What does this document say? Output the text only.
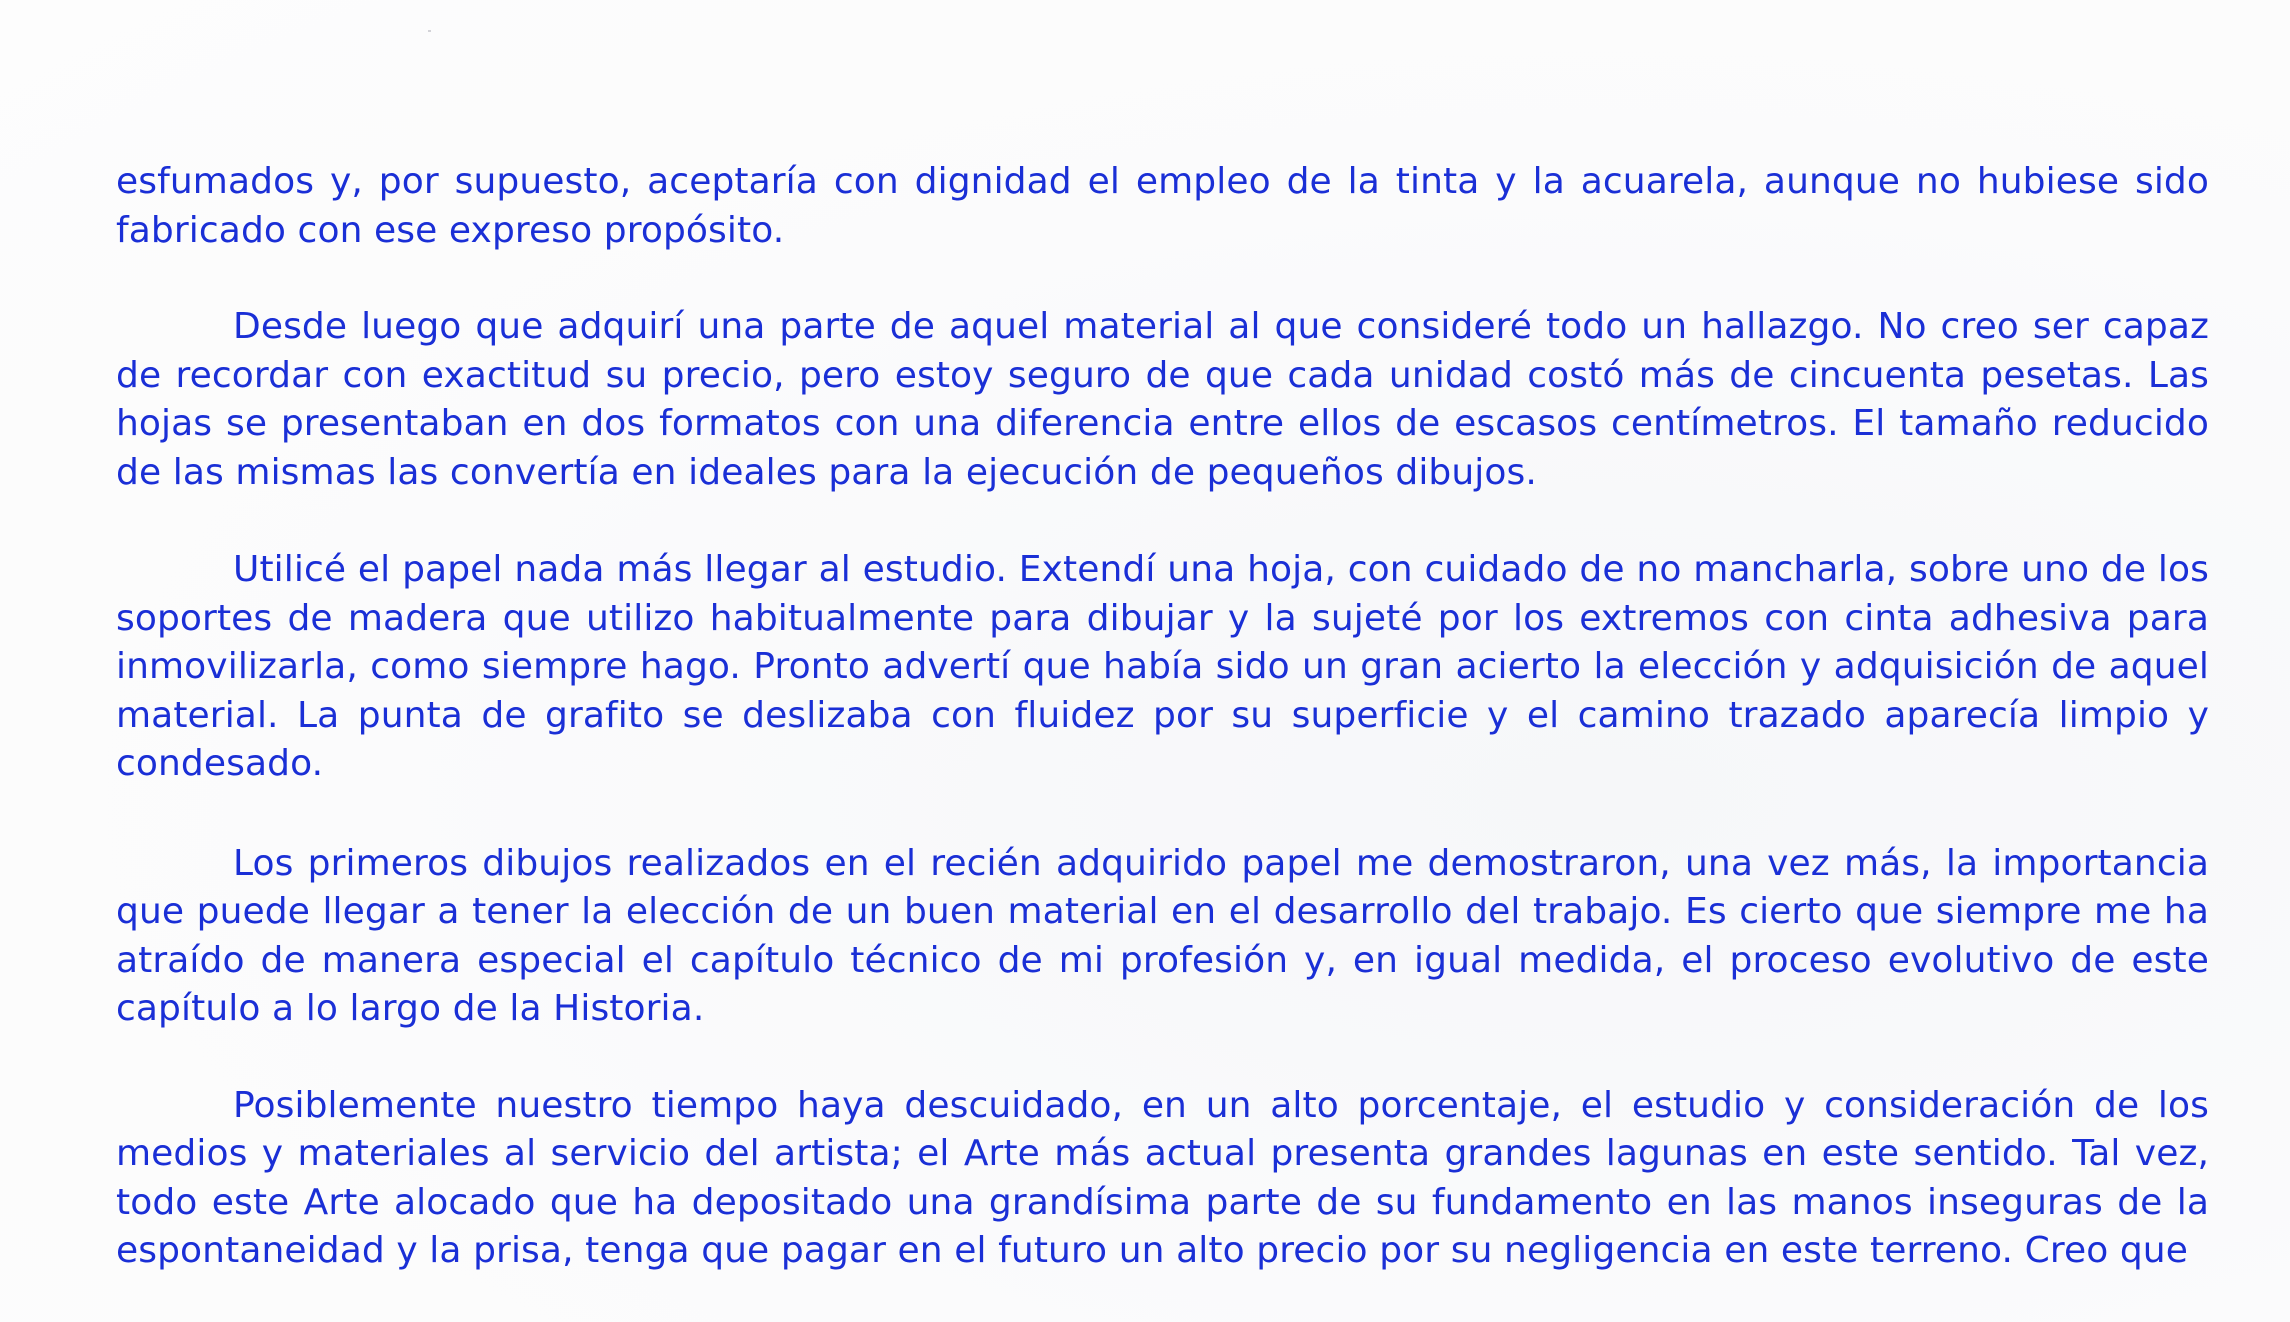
esfumados y, por supuesto, aceptaría con dignidad el empleo de la tinta y la acuarela, aunque no hubiese sido fabricado con ese expreso propósito.

Desde luego que adquirí una parte de aquel material al que consideré todo un hallazgo. No creo ser capaz de recordar con exactitud su precio, pero estoy seguro de que cada unidad costó más de cincuenta pesetas. Las hojas se presentaban en dos formatos con una diferencia entre ellos de escasos centímetros. El tamaño reducido de las mismas las convertía en ideales para la ejecución de pequeños dibujos.

Utilicé el papel nada más llegar al estudio. Extendí una hoja, con cuidado de no mancharla, sobre uno de los soportes de madera que utilizo habitualmente para dibujar y la sujeté por los extremos con cinta adhesiva para inmovilizarla, como siempre hago. Pronto advertí que había sido un gran acierto la elección y adquisición de aquel material. La punta de grafito se deslizaba con fluidez por su superficie y el camino trazado aparecía limpio y condesado.

Los primeros dibujos realizados en el recién adquirido papel me demostraron, una vez más, la importancia que puede llegar a tener la elección de un buen material en el desarrollo del trabajo. Es cierto que siempre me ha atraído de manera especial el capítulo técnico de mi profesión y, en igual medida, el proceso evolutivo de este capítulo a lo largo de la Historia.

Posiblemente nuestro tiempo haya descuidado, en un alto porcentaje, el estudio y consideración de los medios y materiales al servicio del artista; el Arte más actual presenta grandes lagunas en este sentido. Tal vez, todo este Arte alocado que ha depositado una grandísima parte de su fundamento en las manos inseguras de la espontaneidad y la prisa, tenga que pagar en el futuro un alto precio por su negligencia en este terreno. Creo que
